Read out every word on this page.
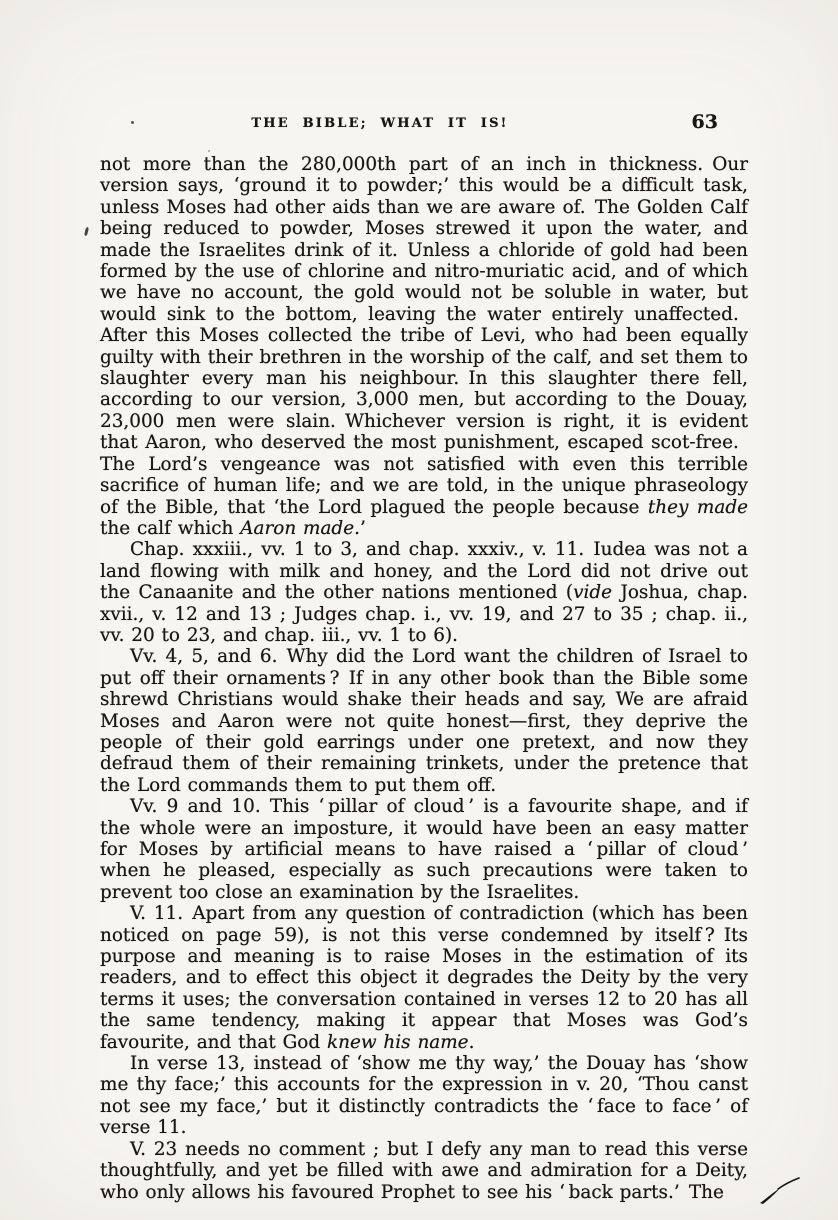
THE BIBLE; WHAT IT IS!	63

not more than the 280,000th part of an inch in thickness. Our version says, ‘ground it to powder;’ this would be a difficult task, unless Moses had other aids than we are aware of. The Golden Calf being reduced to powder, Moses strewed it upon the water, and made the Israelites drink of it. Unless a chloride of gold had been formed by the use of chlorine and nitro-muriatic acid, and of which we have no account, the gold would not be soluble in water, but would sink to the bottom, leaving the water entirely unaffected. After this Moses collected the tribe of Levi, who had been equally guilty with their brethren in the worship of the calf, and set them to slaughter every man his neighbour. In this slaughter there fell, according to our version, 3,000 men, but according to the Douay, 23,000 men were slain. Whichever version is right, it is evident that Aaron, who deserved the most punishment, escaped scot-free. The Lord’s vengeance was not satisfied with even this terrible sacrifice of human life; and we are told, in the unique phraseology of the Bible, that ‘the Lord plagued the people because they made the calf which Aaron made.’

Chap. xxxiii., vv. 1 to 3, and chap. xxxiv., v. 11. Iudea was not a land flowing with milk and honey, and the Lord did not drive out the Canaanite and the other nations mentioned (vide Joshua, chap. xvii., v. 12 and 13 ; Judges chap. i., vv. 19, and 27 to 35 ; chap. ii., vv. 20 to 23, and chap. iii., vv. 1 to 6).

Vv. 4, 5, and 6. Why did the Lord want the children of Israel to put off their ornaments ? If in any other book than the Bible some shrewd Christians would shake their heads and say, We are afraid Moses and Aaron were not quite honest—first, they deprive the people of their gold earrings under one pretext, and now they defraud them of their remaining trinkets, under the pretence that the Lord commands them to put them off.

Vv. 9 and 10. This ‘ pillar of cloud ’ is a favourite shape, and if the whole were an imposture, it would have been an easy matter for Moses by artificial means to have raised a ‘ pillar of cloud ’ when he pleased, especially as such precautions were taken to prevent too close an examination by the Israelites.

V. 11. Apart from any question of contradiction (which has been noticed on page 59), is not this verse condemned by itself ? Its purpose and meaning is to raise Moses in the estimation of its readers, and to effect this object it degrades the Deity by the very terms it uses; the conversation contained in verses 12 to 20 has all the same tendency, making it appear that Moses was God’s favourite, and that God knew his name.

In verse 13, instead of ‘show me thy way,’ the Douay has ‘show me thy face;’ this accounts for the expression in v. 20, ‘Thou canst not see my face,’ but it distinctly contradicts the ‘ face to face ’ of verse 11.

V. 23 needs no comment ; but I defy any man to read this verse thoughtfully, and yet be filled with awe and admiration for a Deity, who only allows his favoured Prophet to see his ‘ back parts.’ The
